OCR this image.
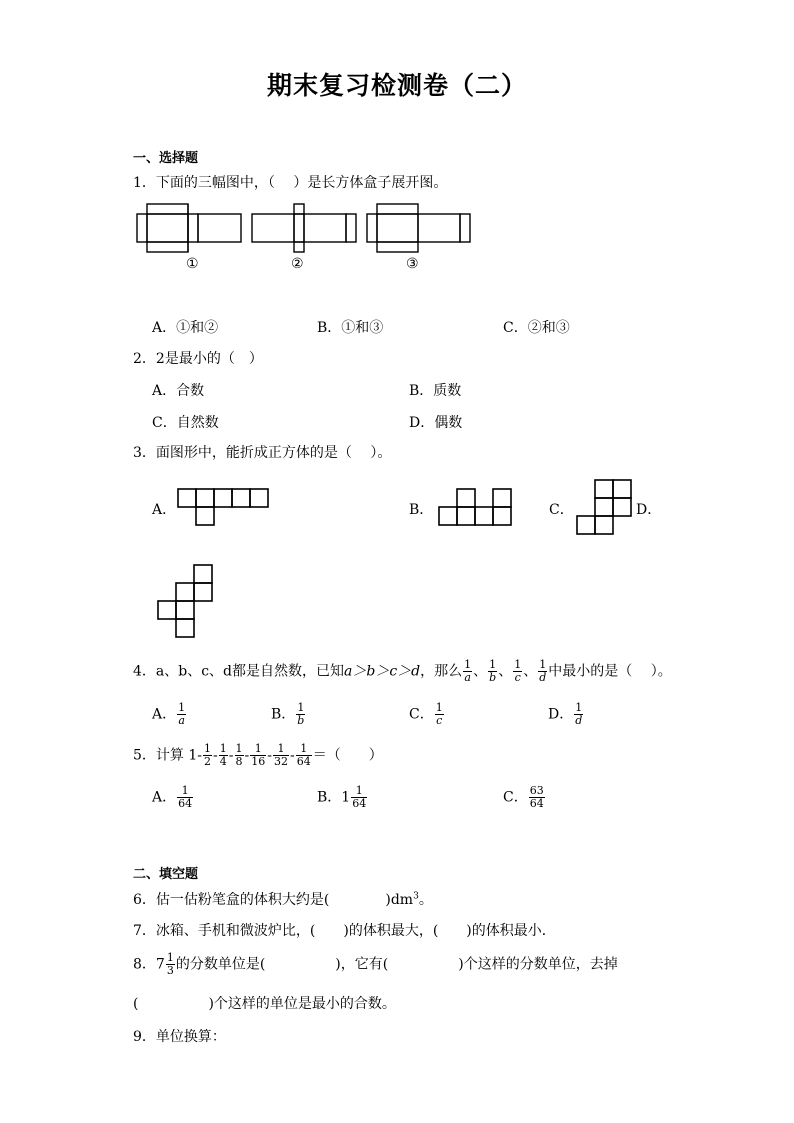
期末复习检测卷（二）
一、选择题
1．下面的三幅图中，（　 ）是长方体盒子展开图。
①	②	③
A．①和②	B．①和③	C．②和③
2．2是最小的（　）
A．合数	B．质数
C．自然数	D．偶数
3．面图形中，能折成正方体的是（　 ）。
A．	B．	C．	D．
4．a、b、c、d都是自然数，已知a＞b＞c＞d，那么 $\frac{1}{a}$ 、 $\frac{1}{b}$ 、 $\frac{1}{c}$ 、 $\frac{1}{d}$ 中最小的是（　 ）。
A． $\frac{1}{a}$	B． $\frac{1}{b}$	C． $\frac{1}{c}$	D． $\frac{1}{d}$
5．计算 $1- \frac{1}{2} - \frac{1}{4} - \frac{1}{8} - \frac{1}{16} - \frac{1}{32} - \frac{1}{64}$ ＝（　　）
A． $\frac{1}{64}$	B．$1 \frac{1}{64}$	C． $\frac{63}{64}$
二、填空题
6．估一估粉笔盒的体积大约是(　　　　)$dm^3$。
7．冰箱、手机和微波炉比，(　　)的体积最大，(　　)的体积最小．
8．$7 \frac{1}{3}$ 的分数单位是(　　　　　)，它有(　　　　　)个这样的分数单位，去掉
(　　　　　)个这样的单位是最小的合数。
9．单位换算：
